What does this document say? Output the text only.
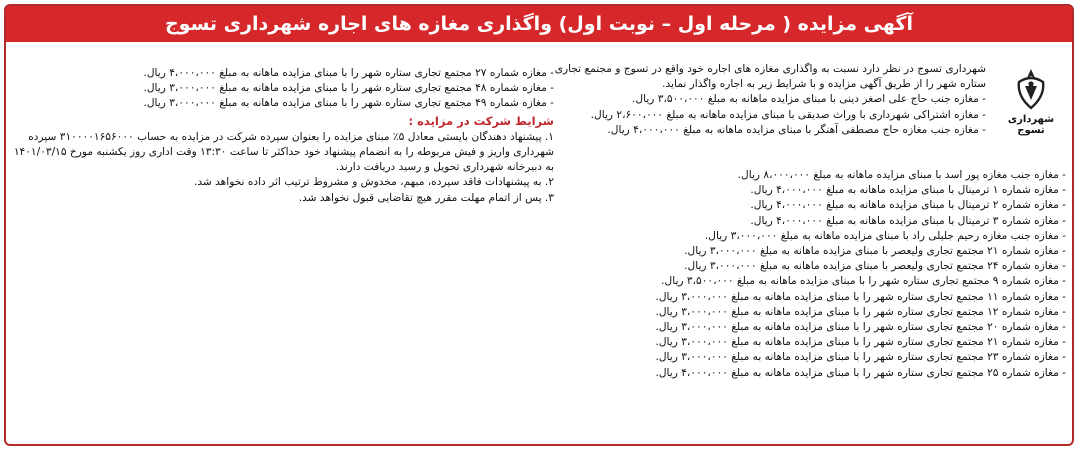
آگهی مزایده ( مرحله اول – نوبت اول) واگذاری مغازه های اجاره شهرداری تسوج
شهرداری تسوج
شهرداری تسوج در نظر دارد نسبت به واگذاری مغازه های اجاره خود واقع در تسوج و مجتمع تجاری ستاره شهر را از طریق آگهی مزایده و با شرایط زیر به اجاره واگذار نماید.
- مغازه جنب حاج علی اصغر دینی با مبنای مزایده ماهانه به مبلغ ۳،۵۰۰،۰۰۰ ریال.
- مغازه اشتراکی شهرداری با وراث صدیقی با مبنای مزایده ماهانه به مبلغ ۲،۶۰۰،۰۰۰ ریال.
- مغازه جنب مغازه حاج مصطفی آهنگر با مبنای مزایده ماهانه به مبلغ ۴،۰۰۰،۰۰۰ ریال.
- مغازه جنب مغازه پور اسد با مبنای مزایده ماهانه به مبلغ ۸،۰۰۰،۰۰۰ ریال.
- مغازه شماره ۱ ترمینال با مبنای مزایده ماهانه به مبلغ ۴،۰۰۰،۰۰۰ ریال.
- مغازه شماره ۲ ترمینال با مبنای مزایده ماهانه به مبلغ ۴،۰۰۰،۰۰۰ ریال.
- مغازه شماره ۳ ترمینال با مبنای مزایده ماهانه به مبلغ ۴،۰۰۰،۰۰۰ ریال.
- مغازه جنب مغازه رحیم جلیلی راد با مبنای مزایده ماهانه به مبلغ ۳،۰۰۰،۰۰۰ ریال.
- مغازه شماره ۲۱ مجتمع تجاری ولیعصر با مبنای مزایده ماهانه به مبلغ ۳،۰۰۰،۰۰۰ ریال.
- مغازه شماره ۲۴ مجتمع تجاری ولیعصر با مبنای مزایده ماهانه به مبلغ ۳،۰۰۰،۰۰۰ ریال.
- مغازه شماره ۹ مجتمع تجاری ستاره شهر را با مبنای مزایده ماهانه به مبلغ ۳،۵۰۰،۰۰۰ ریال.
- مغازه شماره ۱۱ مجتمع تجاری ستاره شهر را با مبنای مزایده ماهانه به مبلغ ۳،۰۰۰،۰۰۰ ریال.
- مغازه شماره ۱۲ مجتمع تجاری ستاره شهر را با مبنای مزایده ماهانه به مبلغ ۳،۰۰۰،۰۰۰ ریال.
- مغازه شماره ۲۰ مجتمع تجاری ستاره شهر را با مبنای مزایده ماهانه به مبلغ ۳،۰۰۰،۰۰۰ ریال.
- مغازه شماره ۲۱ مجتمع تجاری ستاره شهر را با مبنای مزایده ماهانه به مبلغ ۳،۰۰۰،۰۰۰ ریال.
- مغازه شماره ۲۳ مجتمع تجاری ستاره شهر را با مبنای مزایده ماهانه به مبلغ ۳،۰۰۰،۰۰۰ ریال.
- مغازه شماره ۲۵ مجتمع تجاری ستاره شهر را با مبنای مزایده ماهانه به مبلغ ۴،۰۰۰،۰۰۰ ریال.
- مغازه شماره ۲۷ مجتمع تجاری ستاره شهر را با مبنای مزایده ماهانه به مبلغ ۴،۰۰۰،۰۰۰ ریال.
- مغازه شماره ۴۸ مجتمع تجاری ستاره شهر را با مبنای مزایده ماهانه به مبلغ ۳،۰۰۰،۰۰۰ ریال.
- مغازه شماره ۴۹ مجتمع تجاری ستاره شهر را با مبنای مزایده ماهانه به مبلغ ۳،۰۰۰،۰۰۰ ریال.
شرایط شرکت در مزایده :
۱. پیشنهاد دهندگان بایستی معادل ۵٪ مبنای مزایده را بعنوان سپرده شرکت در مزایده به حساب ۳۱۰۰۰۰۱۶۵۶۰۰۰ سپرده شهرداری واریز و فیش مربوطه را به انضمام پیشنهاد خود حداکثر تا ساعت ۱۳:۳۰ وقت اداری روز یکشنبه مورخ ۱۴۰۱/۰۳/۱۵ به دبیرخانه شهرداری تحویل و رسید دریافت دارند.
۲. به پیشنهادات فاقد سپرده، مبهم، مخدوش و مشروط ترتیب اثر داده نخواهد شد.
۳. پس از اتمام مهلت مقرر هیچ تقاضایی قبول نخواهد شد.
